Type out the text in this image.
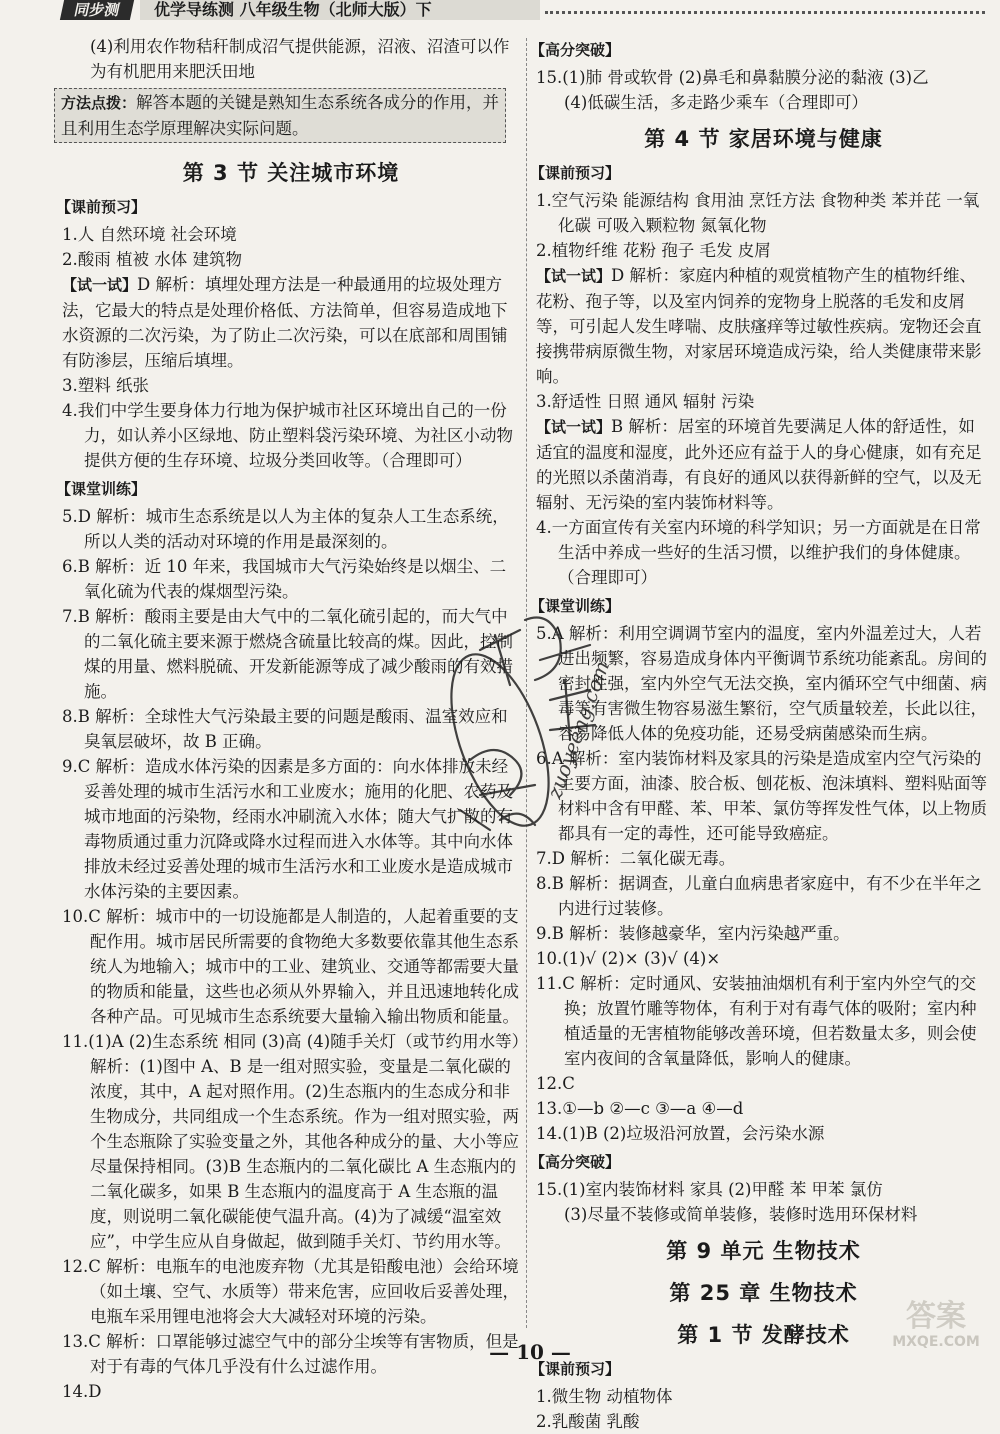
同步测	优学导练测 八年级生物（北师大版）下

(4)利用农作物秸秆制成沼气提供能源，沼液、沼渣可以作为有机肥用来肥沃田地

方法点拨：解答本题的关键是熟知生态系统各成分的作用，并且利用生态学原理解决实际问题。
第 3 节 关注城市环境
【课前预习】

1.人 自然环境 社会环境

2.酸雨 植被 水体 建筑物

【试一试】D 解析：填埋处理方法是一种最通用的垃圾处理方法，它最大的特点是处理价格低、方法简单，但容易造成地下水资源的二次污染，为了防止二次污染，可以在底部和周围铺有防渗层，压缩后填埋。

3.塑料 纸张

4.我们中学生要身体力行地为保护城市社区环境出自己的一份力，如认养小区绿地、防止塑料袋污染环境、为社区小动物提供方便的生存环境、垃圾分类回收等。（合理即可）

【课堂训练】

5.D 解析：城市生态系统是以人为主体的复杂人工生态系统，所以人类的活动对环境的作用是最深刻的。

6.B 解析：近 10 年来，我国城市大气污染始终是以烟尘、二氧化硫为代表的煤烟型污染。

7.B 解析：酸雨主要是由大气中的二氧化硫引起的，而大气中的二氧化硫主要来源于燃烧含硫量比较高的煤。因此，控制煤的用量、燃料脱硫、开发新能源等成了减少酸雨的有效措施。

8.B 解析：全球性大气污染最主要的问题是酸雨、温室效应和臭氧层破坏，故 B 正确。

9.C 解析：造成水体污染的因素是多方面的：向水体排放未经妥善处理的城市生活污水和工业废水；施用的化肥、农药及城市地面的污染物，经雨水冲刷流入水体；随大气扩散的有毒物质通过重力沉降或降水过程而进入水体等。其中向水体排放未经过妥善处理的城市生活污水和工业废水是造成城市水体污染的主要因素。

10.C 解析：城市中的一切设施都是人制造的，人起着重要的支配作用。城市居民所需要的食物绝大多数要依靠其他生态系统人为地输入；城市中的工业、建筑业、交通等都需要大量的物质和能量，这些也必须从外界输入，并且迅速地转化成各种产品。可见城市生态系统要大量输入输出物质和能量。

11.(1)A (2)生态系统 相同 (3)高 (4)随手关灯（或节约用水等）

解析：(1)图中 A、B 是一组对照实验，变量是二氧化碳的浓度，其中，A 起对照作用。(2)生态瓶内的生态成分和非生物成分，共同组成一个生态系统。作为一组对照实验，两个生态瓶除了实验变量之外，其他各种成分的量、大小等应尽量保持相同。(3)B 生态瓶内的二氧化碳比 A 生态瓶内的二氧化碳多，如果 B 生态瓶内的温度高于 A 生态瓶的温度，则说明二氧化碳能使气温升高。(4)为了减缓“温室效应”，中学生应从自身做起，做到随手关灯、节约用水等。

12.C 解析：电瓶车的电池废弃物（尤其是铅酸电池）会给环境（如土壤、空气、水质等）带来危害，应回收后妥善处理，电瓶车采用锂电池将会大大减轻对环境的污染。

13.C 解析：口罩能够过滤空气中的部分尘埃等有害物质，但是对于有毒的气体几乎没有什么过滤作用。

14.D

【高分突破】

15.(1)肺 骨或软骨 (2)鼻毛和鼻黏膜分泌的黏液 (3)乙

(4)低碳生活，多走路少乘车（合理即可）

第 4 节 家居环境与健康
【课前预习】

1.空气污染 能源结构 食用油 烹饪方法 食物种类 苯并芘 一氧化碳 可吸入颗粒物 氮氧化物

2.植物纤维 花粉 孢子 毛发 皮屑

【试一试】D 解析：家庭内种植的观赏植物产生的植物纤维、花粉、孢子等，以及室内饲养的宠物身上脱落的毛发和皮屑等，可引起人发生哮喘、皮肤瘙痒等过敏性疾病。宠物还会直接携带病原微生物，对家居环境造成污染，给人类健康带来影响。

3.舒适性 日照 通风 辐射 污染

【试一试】B 解析：居室的环境首先要满足人体的舒适性，如适宜的温度和湿度，此外还应有益于人的身心健康，如有充足的光照以杀菌消毒，有良好的通风以获得新鲜的空气，以及无辐射、无污染的室内装饰材料等。

4.一方面宣传有关室内环境的科学知识；另一方面就是在日常生活中养成一些好的生活习惯，以维护我们的身体健康。（合理即可）

【课堂训练】

5.A 解析：利用空调调节室内的温度，室内外温差过大，人若进出频繁，容易造成身体内平衡调节系统功能紊乱。房间的密封性强，室内外空气无法交换，室内循环空气中细菌、病毒等有害微生物容易滋生繁衍，空气质量较差，长此以往，容易降低人体的免疫功能，还易受病菌感染而生病。

6.A 解析：室内装饰材料及家具的污染是造成室内空气污染的主要方面，油漆、胶合板、刨花板、泡沫填料、塑料贴面等材料中含有甲醛、苯、甲苯、氯仿等挥发性气体，以上物质都具有一定的毒性，还可能导致癌症。

7.D 解析：二氧化碳无毒。

8.B 解析：据调查，儿童白血病患者家庭中，有不少在半年之内进行过装修。

9.B 解析：装修越豪华，室内污染越严重。

10.(1)√ (2)× (3)√ (4)×

11.C 解析：定时通风、安装抽油烟机有利于室内外空气的交换；放置竹雕等物体，有利于对有毒气体的吸附；室内种植适量的无害植物能够改善环境，但若数量太多，则会使室内夜间的含氧量降低，影响人的健康。

12.C

13.①—b ②—c ③—a ④—d

14.(1)B (2)垃圾沿河放置，会污染水源

【高分突破】

15.(1)室内装饰材料 家具 (2)甲醛 苯 甲苯 氯仿

(3)尽量不装修或简单装修，装修时选用环保材料

第 9 单元 生物技术
第 25 章 生物技术
第 1 节 发酵技术
【课前预习】

1.微生物 动植物体

2.乳酸菌 乳酸

zuoyeeng.com
答案
MXQE.COM
— 10 —
